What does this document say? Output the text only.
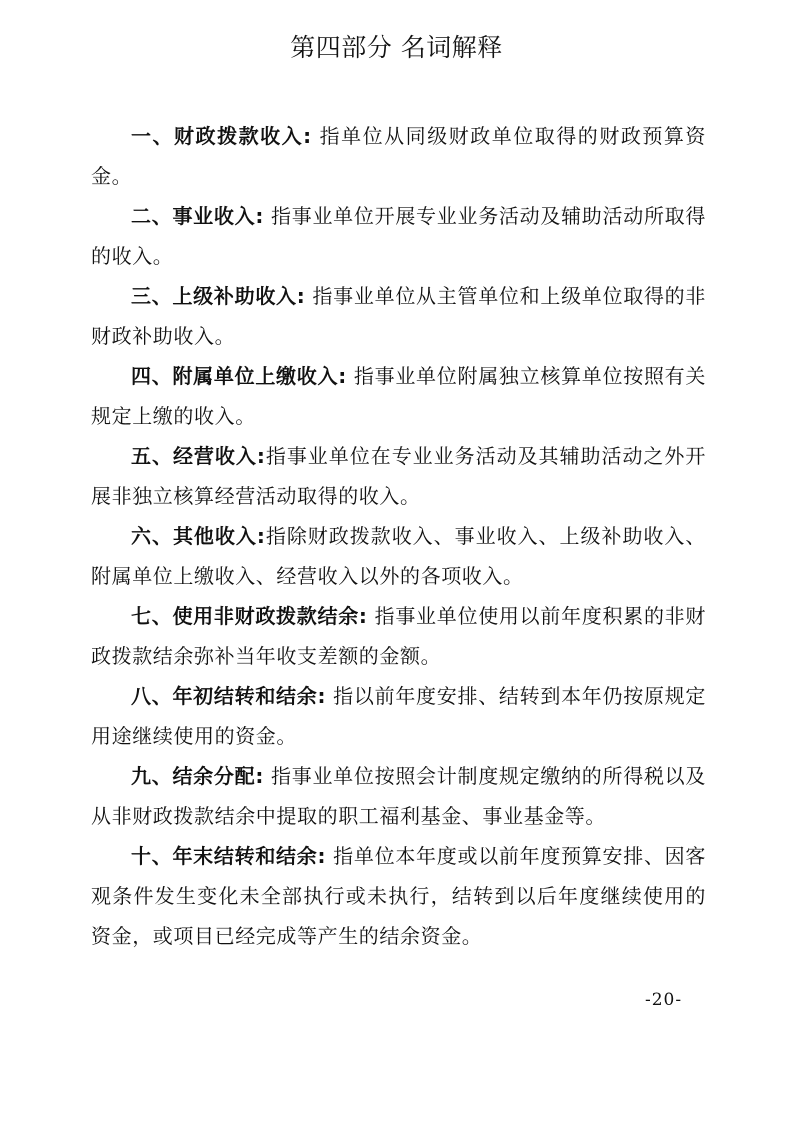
第四部分 名词解释

一、财政拨款收入: 指单位从同级财政单位取得的财政预算资金。

二、事业收入: 指事业单位开展专业业务活动及辅助活动所取得的收入。

三、上级补助收入: 指事业单位从主管单位和上级单位取得的非财政补助收入。

四、附属单位上缴收入: 指事业单位附属独立核算单位按照有关规定上缴的收入。

五、经营收入:指事业单位在专业业务活动及其辅助活动之外开展非独立核算经营活动取得的收入。

六、其他收入:指除财政拨款收入、事业收入、上级补助收入、附属单位上缴收入、经营收入以外的各项收入。

七、使用非财政拨款结余: 指事业单位使用以前年度积累的非财政拨款结余弥补当年收支差额的金额。

八、年初结转和结余: 指以前年度安排、结转到本年仍按原规定用途继续使用的资金。

九、结余分配: 指事业单位按照会计制度规定缴纳的所得税以及从非财政拨款结余中提取的职工福利基金、事业基金等。

十、年末结转和结余: 指单位本年度或以前年度预算安排、因客观条件发生变化未全部执行或未执行，结转到以后年度继续使用的资金，或项目已经完成等产生的结余资金。

-20-
